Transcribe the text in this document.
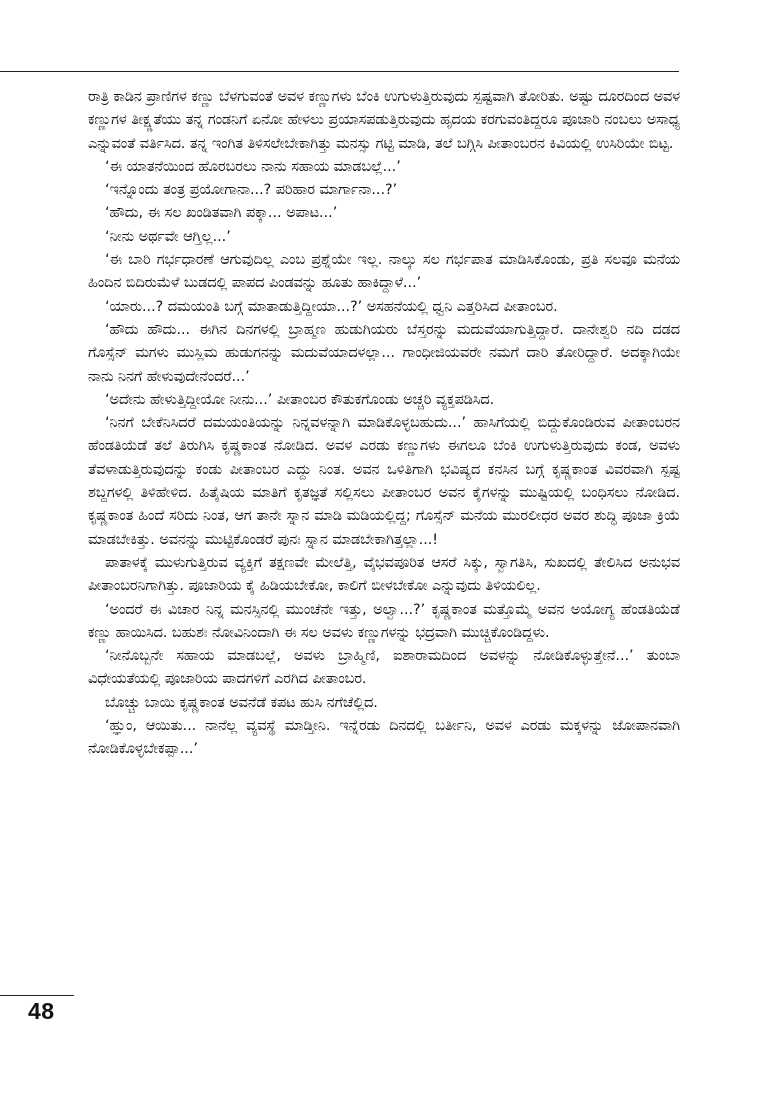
ರಾತ್ರಿ ಕಾಡಿನ ಪ್ರಾಣಿಗಳ ಕಣ್ಣು ಬೆಳಗುವಂತೆ ಅವಳ ಕಣ್ಣುಗಳು ಬೆಂಕಿ ಉಗುಳುತ್ತಿರುವುದು ಸ್ಪಷ್ಟವಾಗಿ ತೋರಿತು. ಅಷ್ಟು ದೂರದಿಂದ ಅವಳ ಕಣ್ಣುಗಳ ತೀಕ್ಷ್ಣತೆಯು ತನ್ನ ಗಂಡನಿಗೆ ಏನೋ ಹೇಳಲು ಪ್ರಯಾಸಪಡುತ್ತಿರುವುದು ಹೃದಯ ಕರಗುವಂತಿದ್ದರೂ ಪೂಜಾರಿ ನಂಬಲು ಅಸಾಧ್ಯ ಎನ್ನುವಂತೆ ವರ್ತಿಸಿದ. ತನ್ನ ಇಂಗಿತ ತಿಳಿಸಲೇಬೇಕಾಗಿತ್ತು ಮನಸ್ಸು ಗಟ್ಟಿ ಮಾಡಿ, ತಲೆ ಬಗ್ಗಿಸಿ ಪೀತಾಂಬರನ ಕಿವಿಯಲ್ಲಿ ಉಸಿರಿಯೇ ಬಿಟ್ಟ.

‘ಈ ಯಾತನೆಯಿಂದ ಹೊರಬರಲು ನಾನು ಸಹಾಯ ಮಾಡಬಲ್ಲೆ...’

‘ಇನ್ನೊಂದು ತಂತ್ರ ಪ್ರಯೋಗಾನಾ...? ಪರಿಹಾರ ಮಾರ್ಗಾನಾ...?’

‘ಹೌದು, ಈ ಸಲ ಖಂಡಿತವಾಗಿ ಪಕ್ಕಾ... ಅಪಾಟ...’

‘ನೀನು ಅರ್ಥವೇ ಆಗ್ತಿಲ್ಲ...’

‘ಈ ಬಾರಿ ಗರ್ಭಧಾರಣೆ ಆಗುವುದಿಲ್ಲ ಎಂಬ ಪ್ರಶ್ನೆಯೇ ಇಲ್ಲ. ನಾಲ್ಕು ಸಲ ಗರ್ಭಪಾತ ಮಾಡಿಸಿಕೊಂಡು, ಪ್ರತಿ ಸಲವೂ ಮನೆಯ ಹಿಂದಿನ ಬಿದಿರುಮೆಳೆ ಬುಡದಲ್ಲಿ ಪಾಪದ ಪಿಂಡವನ್ನು ಹೂತು ಹಾಕಿದ್ದಾಳೆ...’

‘ಯಾರು...? ದಮಯಂತಿ ಬಗ್ಗೆ ಮಾತಾಡುತ್ತಿದ್ದೀಯಾ...?’ ಅಸಹನೆಯಲ್ಲಿ ಧ್ವನಿ ಎತ್ತರಿಸಿದ ಪೀತಾಂಬರ.

‘ಹೌದು ಹೌದು... ಈಗಿನ ದಿನಗಳಲ್ಲಿ ಬ್ರಾಹ್ಮಣ ಹುಡುಗಿಯರು ಬೆಸ್ತರನ್ನು ಮದುವೆಯಾಗುತ್ತಿದ್ದಾರೆ. ದಾನೇಶ್ವರಿ ನದಿ ದಡದ ಗೊಸ್ಸೆನ್ ಮಗಳು ಮುಸ್ಲಿಮ ಹುಡುಗನನ್ನು ಮದುವೆಯಾದಳಲ್ಲಾ... ಗಾಂಧೀಜಿಯವರೇ ನಮಗೆ ದಾರಿ ತೋರಿದ್ದಾರೆ. ಅದಕ್ಕಾಗಿಯೇ ನಾನು ನಿನಗೆ ಹೇಳುವುದೇನೆಂದರೆ...’

‘ಅದೇನು ಹೇಳುತ್ತಿದ್ದೀಯೋ ನೀನು...’ ಪೀತಾಂಬರ ಕೌತುಕಗೊಂಡು ಅಚ್ಚರಿ ವ್ಯಕ್ತಪಡಿಸಿದ.

‘ನಿನಗೆ ಬೇಕೆನಿಸಿದರೆ ದಮಯಂತಿಯನ್ನು ನಿನ್ನವಳನ್ನಾಗಿ ಮಾಡಿಕೊಳ್ಳಬಹುದು...’ ಹಾಸಿಗೆಯಲ್ಲಿ ಬಿದ್ದುಕೊಂಡಿರುವ ಪೀತಾಂಬರನ ಹೆಂಡತಿಯೆಡೆ ತಲೆ ತಿರುಗಿಸಿ ಕೃಷ್ಣಕಾಂತ ನೋಡಿದ. ಅವಳ ಎರಡು ಕಣ್ಣುಗಳು ಈಗಲೂ ಬೆಂಕಿ ಉಗುಳುತ್ತಿರುವುದು ಕಂಡ, ಅವಳು ತೆವಳಾಡುತ್ತಿರುವುದನ್ನು ಕಂಡು ಪೀತಾಂಬರ ಎದ್ದು ನಿಂತ. ಅವನ ಒಳಿತಿಗಾಗಿ ಭವಿಷ್ಯದ ಕನಸಿನ ಬಗ್ಗೆ ಕೃಷ್ಣಕಾಂತ ವಿವರವಾಗಿ ಸ್ಪಷ್ಟ ಶಬ್ದಗಳಲ್ಲಿ ತಿಳಿಹೇಳಿದ. ಹಿತೈಷಿಯ ಮಾತಿಗೆ ಕೃತಜ್ಞತೆ ಸಲ್ಲಿಸಲು ಪೀತಾಂಬರ ಅವನ ಕೈಗಳನ್ನು ಮುಷ್ಟಿಯಲ್ಲಿ ಬಂಧಿಸಲು ನೋಡಿದ. ಕೃಷ್ಣಕಾಂತ ಹಿಂದೆ ಸರಿದು ನಿಂತ, ಆಗ ತಾನೇ ಸ್ನಾನ ಮಾಡಿ ಮಡಿಯಲ್ಲಿದ್ದ; ಗೊಸ್ಸೆನ್ ಮನೆಯ ಮುರಲೀಧರ ಅವರ ಶುದ್ಧಿ ಪೂಜಾ ಕ್ರಿಯೆ ಮಾಡಬೇಕಿತ್ತು. ಅವನನ್ನು ಮುಟ್ಟಿಕೊಂಡರೆ ಪುನಃ ಸ್ನಾನ ಮಾಡಬೇಕಾಗಿತ್ತಲ್ಲಾ...!

ಪಾತಾಳಕ್ಕೆ ಮುಳುಗುತ್ತಿರುವ ವ್ಯಕ್ತಿಗೆ ತಕ್ಷಣವೇ ಮೇಲೆತ್ತಿ, ವೈಭವಪೂರಿತ ಆಸರೆ ಸಿಕ್ಕು, ಸ್ವಾಗತಿಸಿ, ಸುಖದಲ್ಲಿ ತೇಲಿಸಿದ ಅನುಭವ ಪೀತಾಂಬರನಿಗಾಗಿತ್ತು. ಪೂಜಾರಿಯ ಕೈ ಹಿಡಿಯಬೇಕೋ, ಕಾಲಿಗೆ ಬೀಳಬೇಕೋ ಎನ್ನುವುದು ತಿಳಿಯಲಿಲ್ಲ.

‘ಅಂದರೆ ಈ ವಿಚಾರ ನಿನ್ನ ಮನಸ್ಸಿನಲ್ಲಿ ಮುಂಚೆನೇ ಇತ್ತು, ಅಲ್ವಾ...?’ ಕೃಷ್ಣಕಾಂತ ಮತ್ತೊಮ್ಮೆ ಅವನ ಅಯೋಗ್ಯ ಹೆಂಡತಿಯೆಡೆ ಕಣ್ಣು ಹಾಯಿಸಿದ. ಬಹುಶಃ ನೋವಿನಿಂದಾಗಿ ಈ ಸಲ ಅವಳು ಕಣ್ಣುಗಳನ್ನು ಭದ್ರವಾಗಿ ಮುಚ್ಚಿಕೊಂಡಿದ್ದಳು.

‘ನೀನೊಬ್ಬನೇ ಸಹಾಯ ಮಾಡಬಲ್ಲೆ, ಅವಳು ಬ್ರಾಹ್ಮಿಣಿ, ಐಶಾರಾಮದಿಂದ ಅವಳನ್ನು ನೋಡಿಕೊಳ್ಳುತ್ತೇನೆ...’ ತುಂಬಾ ವಿಧೇಯತೆಯಲ್ಲಿ ಪೂಜಾರಿಯ ಪಾದಗಳಿಗೆ ಎರಗಿದ ಪೀತಾಂಬರ.

ಬೊಚ್ಚು ಬಾಯಿ ಕೃಷ್ಣಕಾಂತ ಅವನೆಡೆ ಕಪಟ ಹುಸಿ ನಗೆಚೆಲ್ಲಿದ.

‘ಹ್ಞುಂ, ಆಯಿತು... ನಾನೆಲ್ಲ ವ್ಯವಸ್ಥೆ ಮಾಡ್ತೀನಿ. ಇನ್ನೆರಡು ದಿನದಲ್ಲಿ ಬರ್ತೀನಿ, ಅವಳ ಎರಡು ಮಕ್ಕಳನ್ನು ಜೋಪಾನವಾಗಿ ನೋಡಿಕೊಳ್ಳಬೇಕಪ್ಪಾ...’

48
